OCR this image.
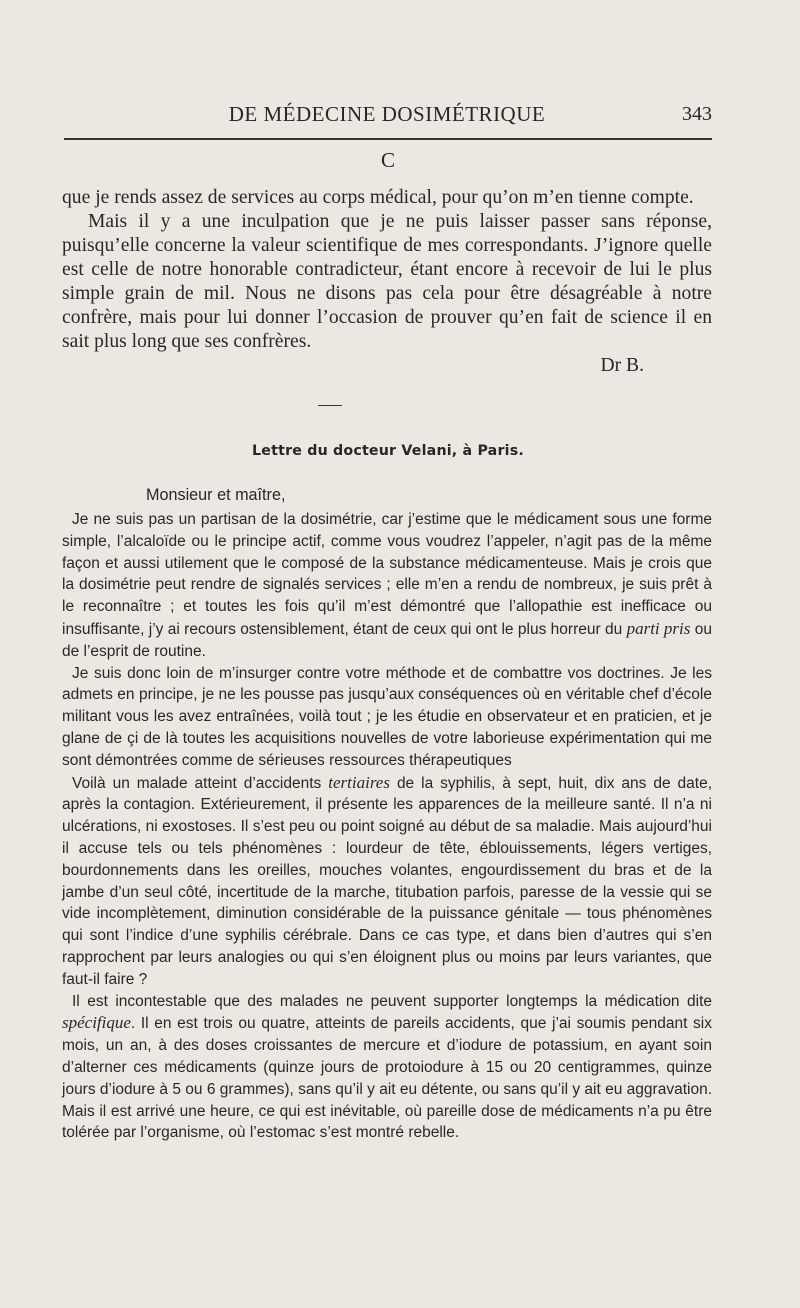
DE MÉDECINE DOSIMÉTRIQUE	343
C

que je rends assez de services au corps médical, pour qu’on m’en tienne compte.

Mais il y a une inculpation que je ne puis laisser passer sans réponse, puisqu’elle concerne la valeur scientifique de mes correspondants. J’ignore quelle est celle de notre honorable contradicteur, étant encore à recevoir de lui le plus simple grain de mil. Nous ne disons pas cela pour être désagréable à notre confrère, mais pour lui donner l’occasion de prouver qu’en fait de science il en sait plus long que ses confrères.

Dr B.

Lettre du docteur Velani, à Paris.

Monsieur et maître,

Je ne suis pas un partisan de la dosimétrie, car j’estime que le médicament sous une forme simple, l’alcaloïde ou le principe actif, comme vous voudrez l’appeler, n’agit pas de la même façon et aussi utilement que le composé de la substance médicamenteuse. Mais je crois que la dosimétrie peut rendre de signalés services ; elle m’en a rendu de nombreux, je suis prêt à le reconnaître ; et toutes les fois qu’il m’est démontré que l’allopathie est inefficace ou insuffisante, j’y ai recours ostensiblement, étant de ceux qui ont le plus horreur du parti pris ou de l’esprit de routine.

Je suis donc loin de m’insurger contre votre méthode et de combattre vos doctrines. Je les admets en principe, je ne les pousse pas jusqu’aux conséquences où en véritable chef d’école militant vous les avez entraînées, voilà tout ; je les étudie en observateur et en praticien, et je glane de çi de là toutes les acquisitions nouvelles de votre laborieuse expérimentation qui me sont démontrées comme de sérieuses ressources thérapeutiques

Voilà un malade atteint d’accidents tertiaires de la syphilis, à sept, huit, dix ans de date, après la contagion. Extérieurement, il présente les apparences de la meilleure santé. Il n’a ni ulcérations, ni exostoses. Il s’est peu ou point soigné au début de sa maladie. Mais aujourd’hui il accuse tels ou tels phénomènes : lourdeur de tête, éblouissements, légers vertiges, bourdonnements dans les oreilles, mouches volantes, engourdissement du bras et de la jambe d’un seul côté, incertitude de la marche, titubation parfois, paresse de la vessie qui se vide incomplètement, diminution considérable de la puissance génitale — tous phénomènes qui sont l’indice d’une syphilis cérébrale. Dans ce cas type, et dans bien d’autres qui s’en rapprochent par leurs analogies ou qui s’en éloignent plus ou moins par leurs variantes, que faut-il faire ?

Il est incontestable que des malades ne peuvent supporter longtemps la médication dite spécifique. Il en est trois ou quatre, atteints de pareils accidents, que j’ai soumis pendant six mois, un an, à des doses croissantes de mercure et d’iodure de potassium, en ayant soin d’alterner ces médicaments (quinze jours de protoiodure à 15 ou 20 centigrammes, quinze jours d’iodure à 5 ou 6 grammes), sans qu’il y ait eu détente, ou sans qu’il y ait eu aggravation. Mais il est arrivé une heure, ce qui est inévitable, où pareille dose de médicaments n’a pu être tolérée par l’organisme, où l’estomac s’est montré rebelle.
